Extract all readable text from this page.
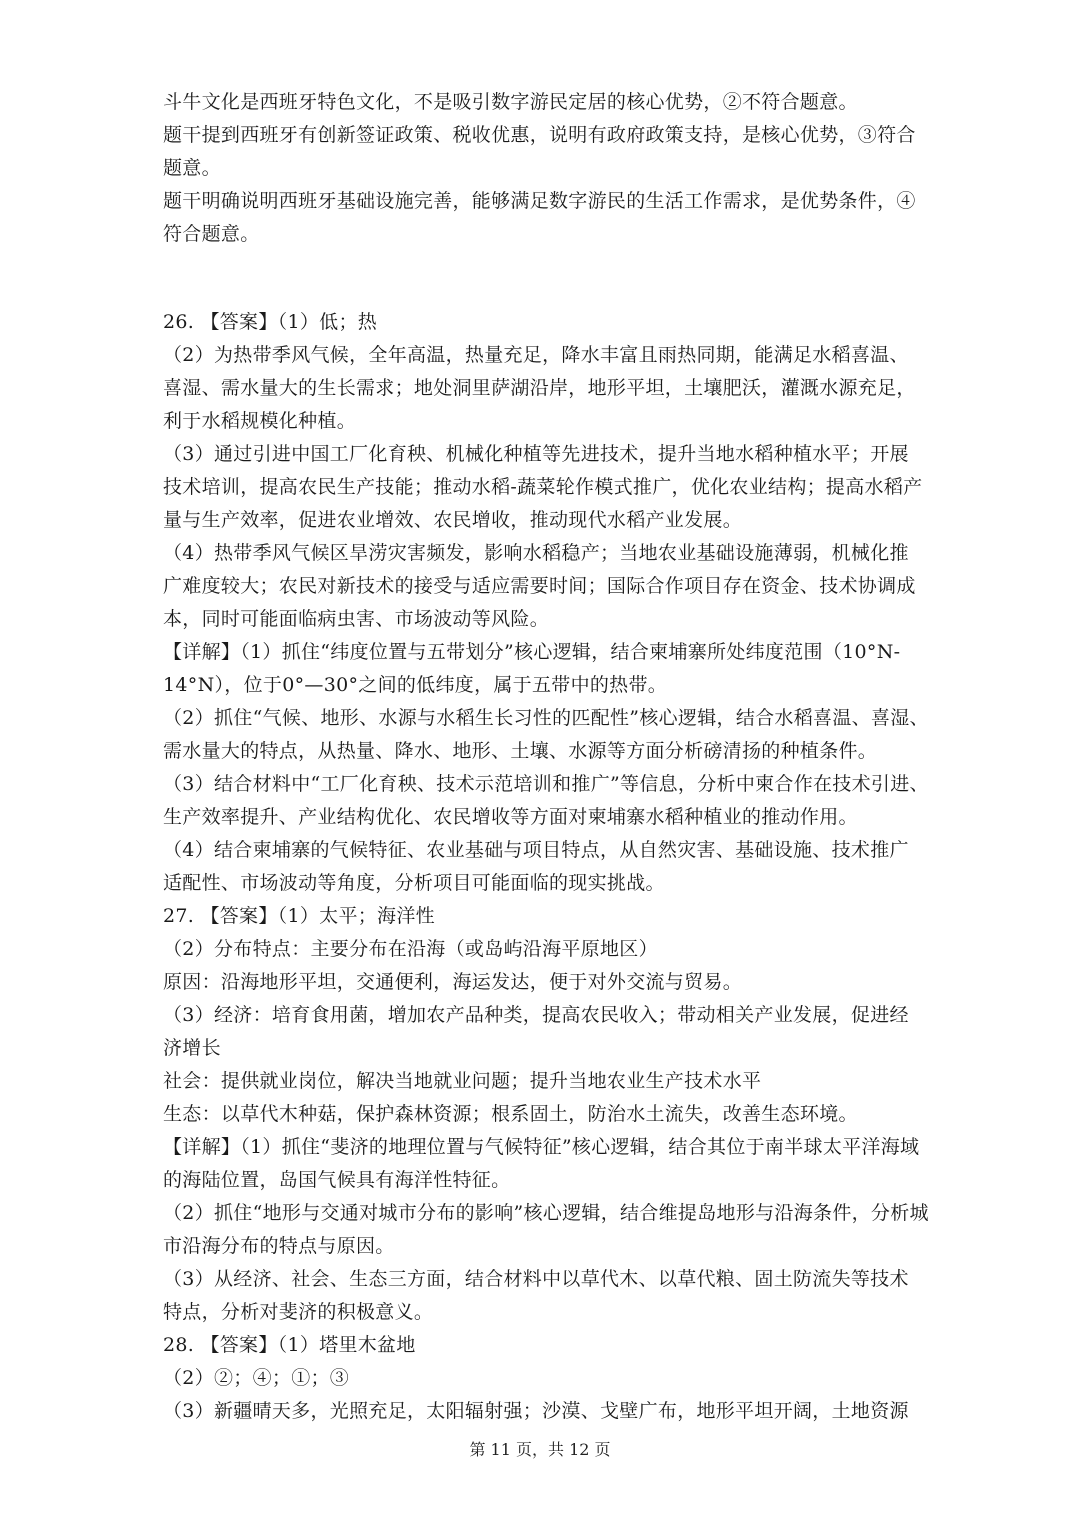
斗牛文化是西班牙特色文化，不是吸引数字游民定居的核心优势，②不符合题意。
题干提到西班牙有创新签证政策、税收优惠，说明有政府政策支持，是核心优势，③符合
题意。
题干明确说明西班牙基础设施完善，能够满足数字游民的生活工作需求，是优势条件，④
符合题意。
26. 【答案】（1）低；热
（2）为热带季风气候，全年高温，热量充足，降水丰富且雨热同期，能满足水稻喜温、
喜湿、需水量大的生长需求；地处洞里萨湖沿岸，地形平坦，土壤肥沃，灌溉水源充足，
利于水稻规模化种植。
（3）通过引进中国工厂化育秧、机械化种植等先进技术，提升当地水稻种植水平；开展
技术培训，提高农民生产技能；推动水稻-蔬菜轮作模式推广，优化农业结构；提高水稻产
量与生产效率，促进农业增效、农民增收，推动现代水稻产业发展。
（4）热带季风气候区旱涝灾害频发，影响水稻稳产；当地农业基础设施薄弱，机械化推
广难度较大；农民对新技术的接受与适应需要时间；国际合作项目存在资金、技术协调成
本，同时可能面临病虫害、市场波动等风险。
【详解】（1）抓住“纬度位置与五带划分”核心逻辑，结合柬埔寨所处纬度范围（10°N-
14°N），位于0°—30°之间的低纬度，属于五带中的热带。
（2）抓住“气候、地形、水源与水稻生长习性的匹配性”核心逻辑，结合水稻喜温、喜湿、
需水量大的特点，从热量、降水、地形、土壤、水源等方面分析磅清扬的种植条件。
（3）结合材料中“工厂化育秧、技术示范培训和推广”等信息，分析中柬合作在技术引进、
生产效率提升、产业结构优化、农民增收等方面对柬埔寨水稻种植业的推动作用。
（4）结合柬埔寨的气候特征、农业基础与项目特点，从自然灾害、基础设施、技术推广
适配性、市场波动等角度，分析项目可能面临的现实挑战。
27. 【答案】（1）太平；海洋性
（2）分布特点：主要分布在沿海（或岛屿沿海平原地区）
原因：沿海地形平坦，交通便利，海运发达，便于对外交流与贸易。
（3）经济：培育食用菌，增加农产品种类，提高农民收入；带动相关产业发展，促进经
济增长
社会：提供就业岗位，解决当地就业问题；提升当地农业生产技术水平
生态：以草代木种菇，保护森林资源；根系固土，防治水土流失，改善生态环境。
【详解】（1）抓住“斐济的地理位置与气候特征”核心逻辑，结合其位于南半球太平洋海域
的海陆位置，岛国气候具有海洋性特征。
（2）抓住“地形与交通对城市分布的影响”核心逻辑，结合维提岛地形与沿海条件，分析城
市沿海分布的特点与原因。
（3）从经济、社会、生态三方面，结合材料中以草代木、以草代粮、固土防流失等技术
特点，分析对斐济的积极意义。
28. 【答案】（1）塔里木盆地
（2）②；④；①；③
（3）新疆晴天多，光照充足，太阳辐射强；沙漠、戈壁广布，地形平坦开阔，土地资源
第 11 页，共 12 页
